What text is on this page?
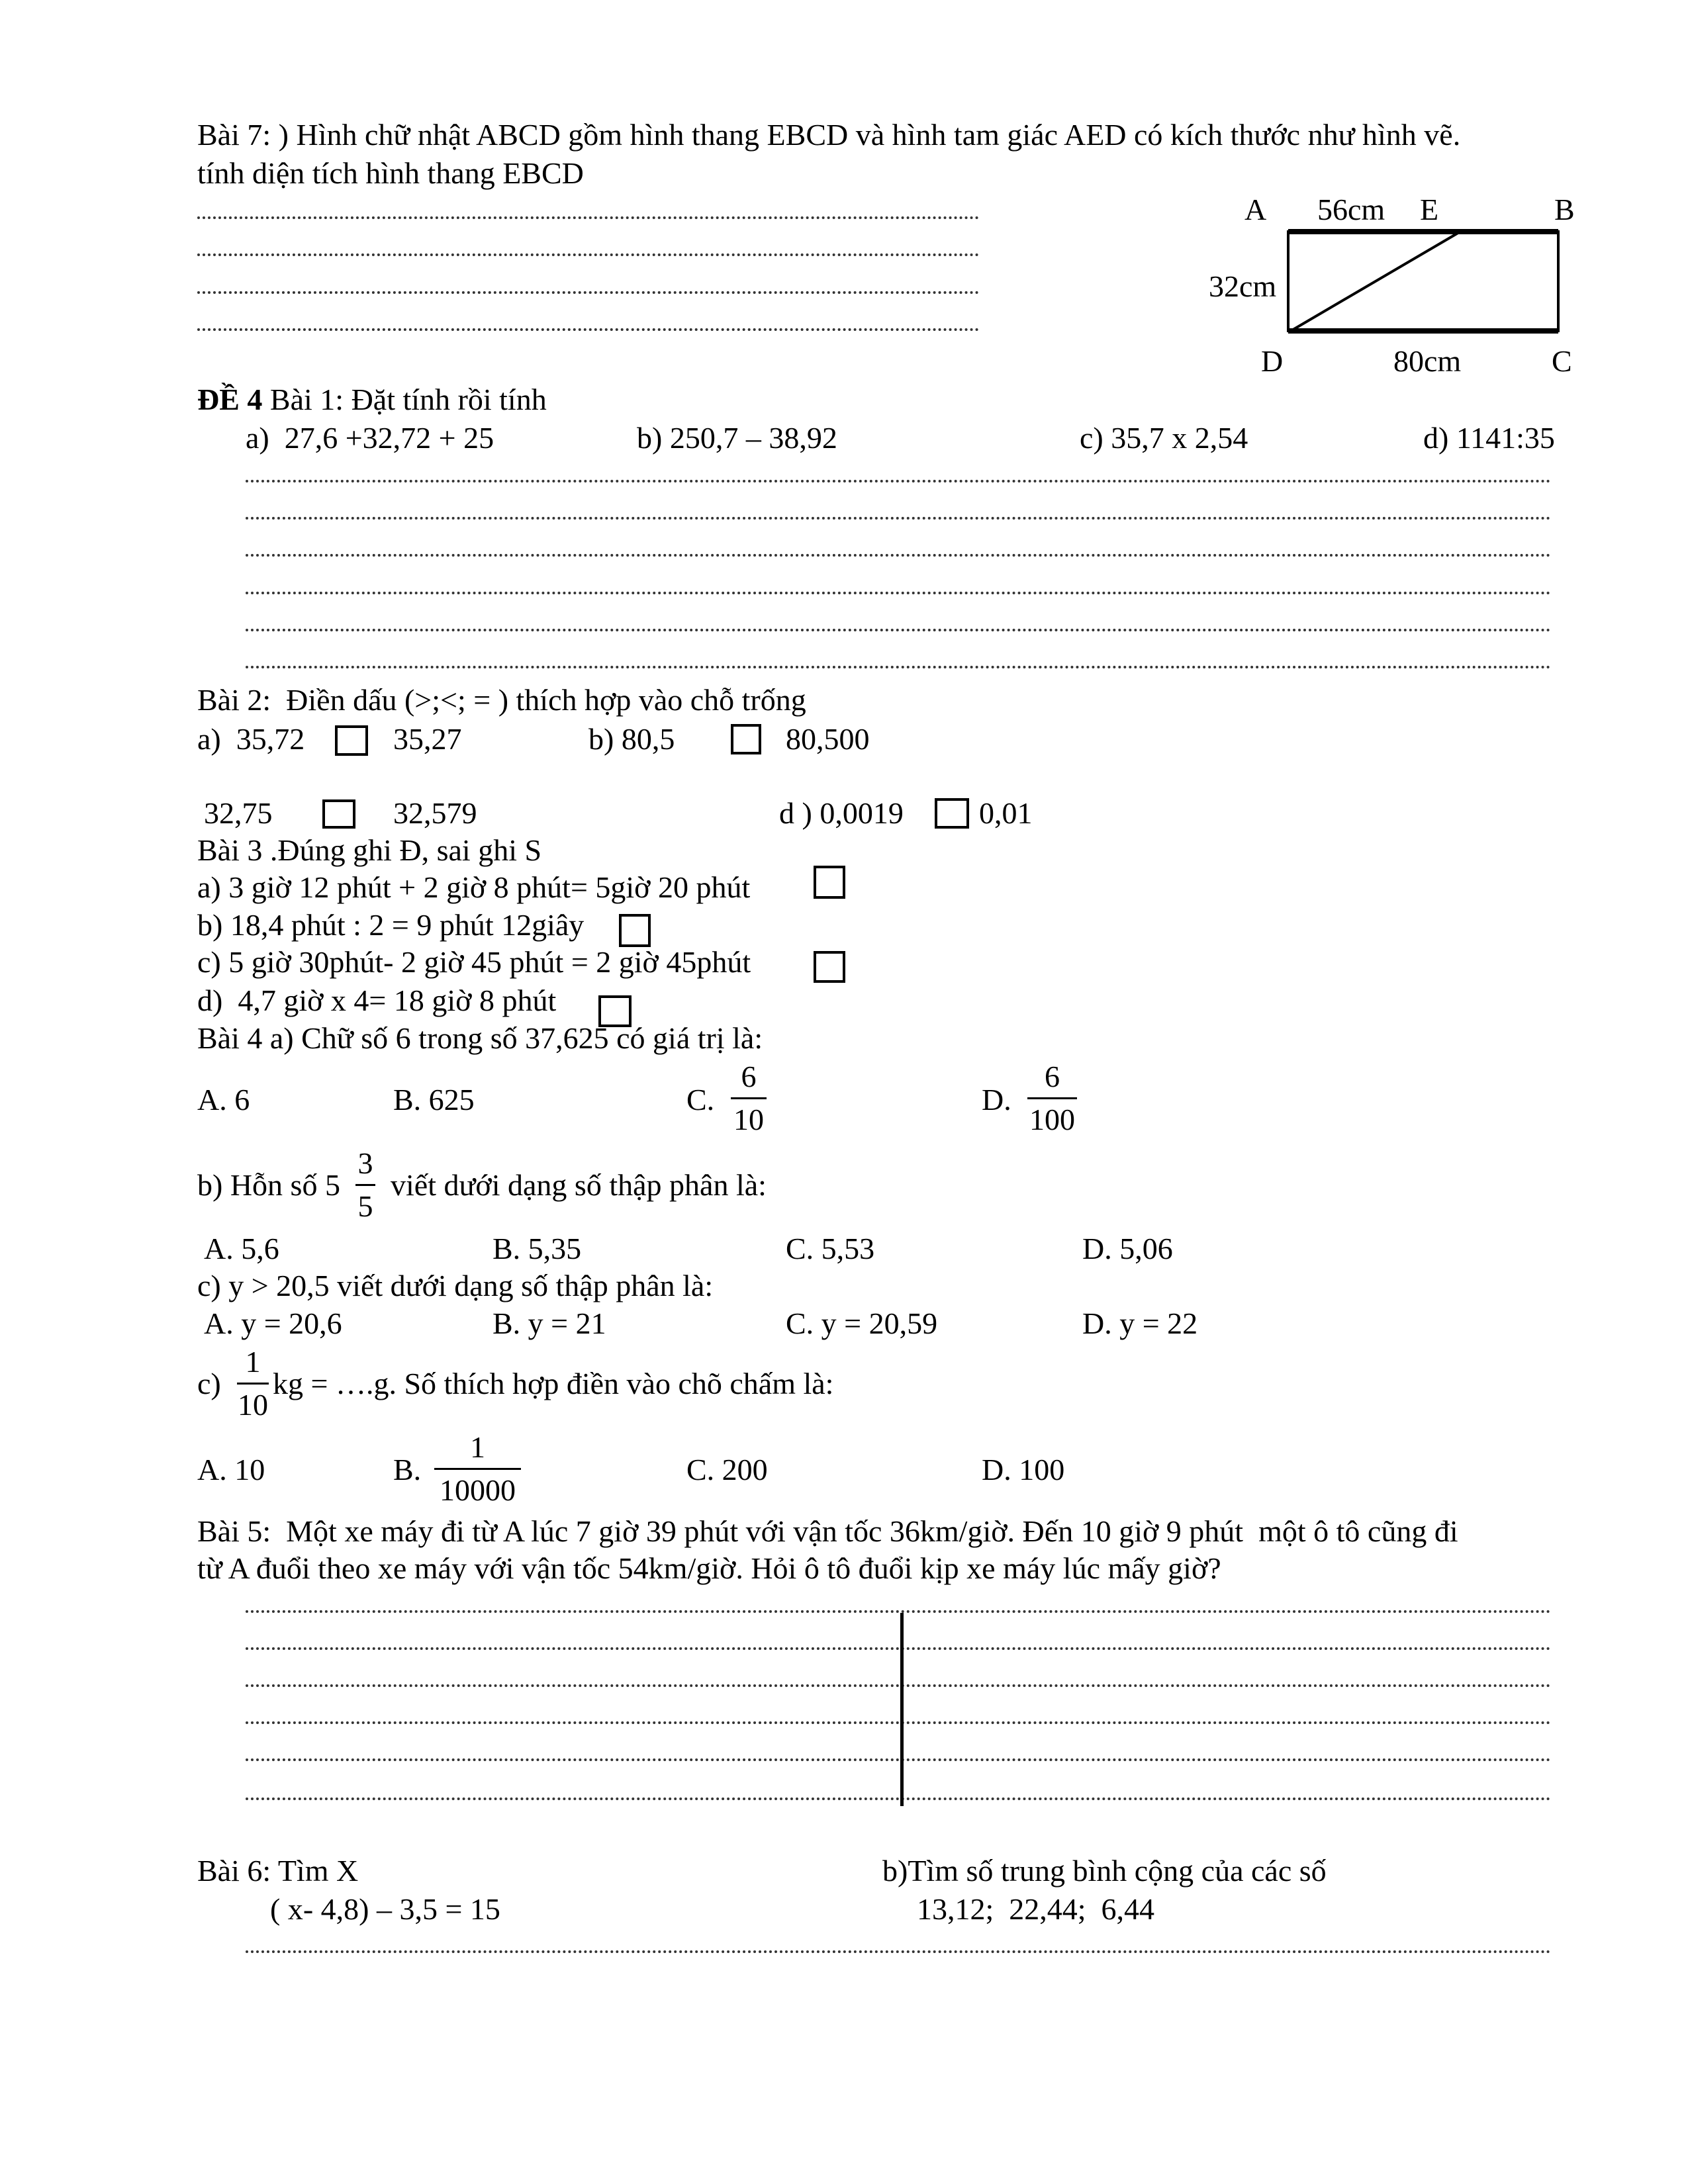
Bài 7: ) Hình chữ nhật ABCD gồm hình thang EBCD và hình tam giác AED có kích thước như hình vẽ.
tính diện tích hình thang EBCD
A 56cm E	B
32cm
D	80cm	C
ĐỀ 4 Bài 1: Đặt tính rồi tính
a)  27,6 +32,72 + 25	b) 250,7 – 38,92	c) 35,7 x 2,54	d) 1141:35
Bài 2:  Điền dấu (>;<; = ) thích hợp vào chỗ trống
a)  35,72	35,27	b) 80,5	80,500
32,75	32,579	d ) 0,0019 0,01
Bài 3 .Đúng ghi Đ, sai ghi S
a) 3 giờ 12 phút + 2 giờ 8 phút= 5giờ 20 phút
b) 18,4 phút : 2 = 9 phút 12giây
c) 5 giờ 30phút- 2 giờ 45 phút = 2 giờ 45phút
d)  4,7 giờ x 4= 18 giờ 8 phút
Bài 4 a) Chữ số 6 trong số 37,625 có giá trị là:
A. 6	B. 625	C.
6
10
D.
6
100
b) Hỗn số 5
3
5
viết dưới dạng số thập phân là:
A. 5,6	B. 5,35	C. 5,53	D. 5,06
c) y > 20,5 viết dưới dạng số thập phân là:
A. y = 20,6	B. y = 21	C. y = 20,59	D. y = 22
c)
1
10
kg = ….g. Số thích hợp điền vào chõ chấm là:
A. 10	B.
1
10000
C. 200	D. 100
Bài 5:  Một xe máy đi từ A lúc 7 giờ 39 phút với vận tốc 36km/giờ. Đến 10 giờ 9 phút  một ô tô cũng đi
từ A đuổi theo xe máy với vận tốc 54km/giờ. Hỏi ô tô đuổi kịp xe máy lúc mấy giờ?
Bài 6: Tìm X	b)Tìm số trung bình cộng của các số
( x- 4,8) – 3,5 = 15	13,12;  22,44;  6,44
